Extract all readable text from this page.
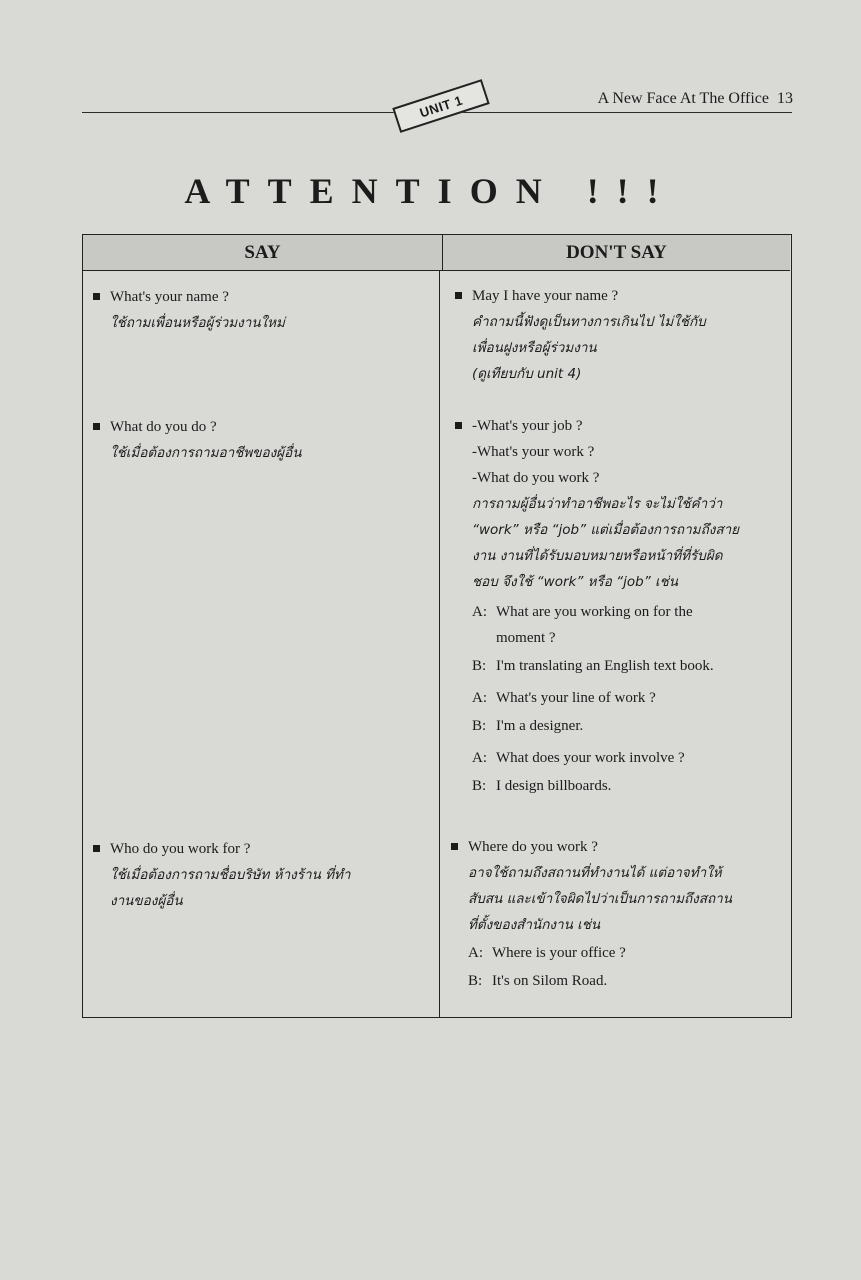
UNIT 1	A New Face At The Office 13
ATTENTION !!!
SAY	DON'T SAY
What's your name ?
ใช้ถามเพื่อนหรือผู้ร่วมงานใหม่
May I have your name ?
คำถามนี้ฟังดูเป็นทางการเกินไป ไม่ใช้กับ
เพื่อนฝูงหรือผู้ร่วมงาน
(ดูเทียบกับ unit 4)
What do you do ?
ใช้เมื่อต้องการถามอาชีพของผู้อื่น
-What's your job ?
-What's your work ?
-What do you work ?
การถามผู้อื่นว่าทำอาชีพอะไร จะไม่ใช้คำว่า
“work” หรือ “job” แต่เมื่อต้องการถามถึงสาย
งาน งานที่ได้รับมอบหมายหรือหน้าที่ที่รับผิด
ชอบ จึงใช้ “work” หรือ “job” เช่น
A: What are you working on for the
moment ?
B: I'm translating an English text book.
A: What's your line of work ?
B: I'm a designer.
A: What does your work involve ?
B: I design billboards.
Who do you work for ?
ใช้เมื่อต้องการถามชื่อบริษัท ห้างร้าน ที่ทำ
งานของผู้อื่น
Where do you work ?
อาจใช้ถามถึงสถานที่ทำงานได้ แต่อาจทำให้
สับสน และเข้าใจผิดไปว่าเป็นการถามถึงสถาน
ที่ตั้งของสำนักงาน เช่น
A: Where is your office ?
B: It's on Silom Road.
